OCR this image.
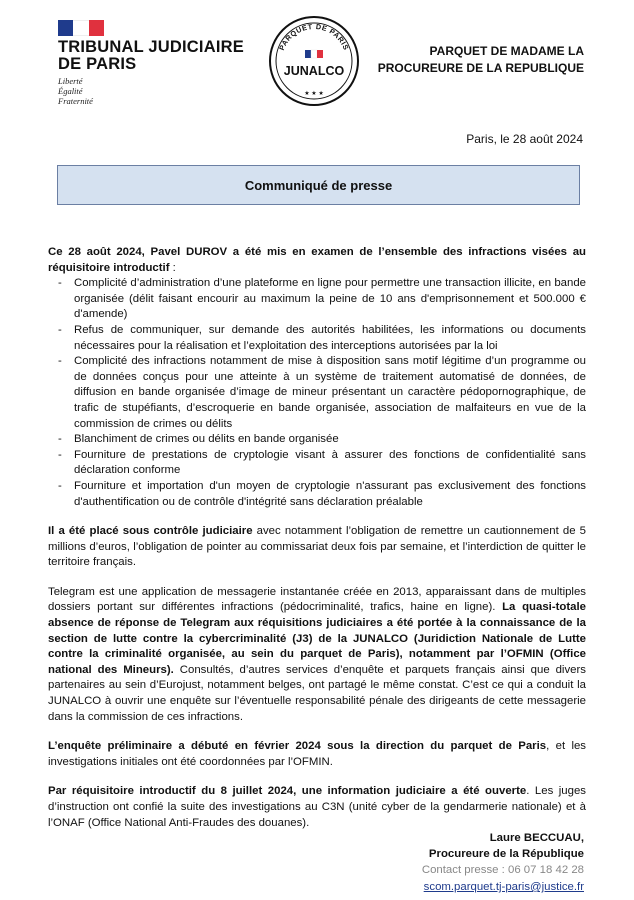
TRIBUNAL JUDICIAIRE
DE PARIS
Liberté
Égalité
Fraternité
PARQUET DE PARIS
JUNALCO
★ ★ ★
PARQUET DE MADAME LA
PROCUREURE DE LA REPUBLIQUE
Paris, le 28 août 2024
Communiqué de presse

Ce 28 août 2024, Pavel DUROV a été mis en examen de l’ensemble des infractions visées au réquisitoire introductif :

- Complicité d’administration d’une plateforme en ligne pour permettre une transaction illicite, en bande organisée (délit faisant encourir au maximum la peine de 10 ans d'emprisonnement et 500.000 € d'amende)
- Refus de communiquer, sur demande des autorités habilitées, les informations ou documents nécessaires pour la réalisation et l’exploitation des interceptions autorisées par la loi
- Complicité des infractions notamment de mise à disposition sans motif légitime d’un programme ou de données conçus pour une atteinte à un système de traitement automatisé de données, de diffusion en bande organisée d’image de mineur présentant un caractère pédopornographique, de trafic de stupéfiants, d’escroquerie en bande organisée, association de malfaiteurs en vue de la commission de crimes ou délits
- Blanchiment de crimes ou délits en bande organisée
- Fourniture de prestations de cryptologie visant à assurer des fonctions de confidentialité sans déclaration conforme
- Fourniture et importation d'un moyen de cryptologie n'assurant pas exclusivement des fonctions d'authentification ou de contrôle d'intégrité sans déclaration préalable

Il a été placé sous contrôle judiciaire avec notamment l’obligation de remettre un cautionnement de 5 millions d’euros, l’obligation de pointer au commissariat deux fois par semaine, et l’interdiction de quitter le territoire français.

Telegram est une application de messagerie instantanée créée en 2013, apparaissant dans de multiples dossiers portant sur différentes infractions (pédocriminalité, trafics, haine en ligne). La quasi-totale absence de réponse de Telegram aux réquisitions judiciaires a été portée à la connaissance de la section de lutte contre la cybercriminalité (J3) de la JUNALCO (Juridiction Nationale de Lutte contre la criminalité organisée, au sein du parquet de Paris), notamment par l’OFMIN (Office national des Mineurs). Consultés, d’autres services d’enquête et parquets français ainsi que divers partenaires au sein d’Eurojust, notamment belges, ont partagé le même constat. C’est ce qui a conduit la JUNALCO à ouvrir une enquête sur l’éventuelle responsabilité pénale des dirigeants de cette messagerie dans la commission de ces infractions.

L’enquête préliminaire a débuté en février 2024 sous la direction du parquet de Paris, et les investigations initiales ont été coordonnées par l’OFMIN.

Par réquisitoire introductif du 8 juillet 2024, une information judiciaire a été ouverte. Les juges d’instruction ont confié la suite des investigations au C3N (unité cyber de la gendarmerie nationale) et à l’ONAF (Office National Anti-Fraudes des douanes).

Laure BECCUAU,
Procureure de la République
Contact presse : 06 07 18 42 28
scom.parquet.tj-paris@justice.fr
